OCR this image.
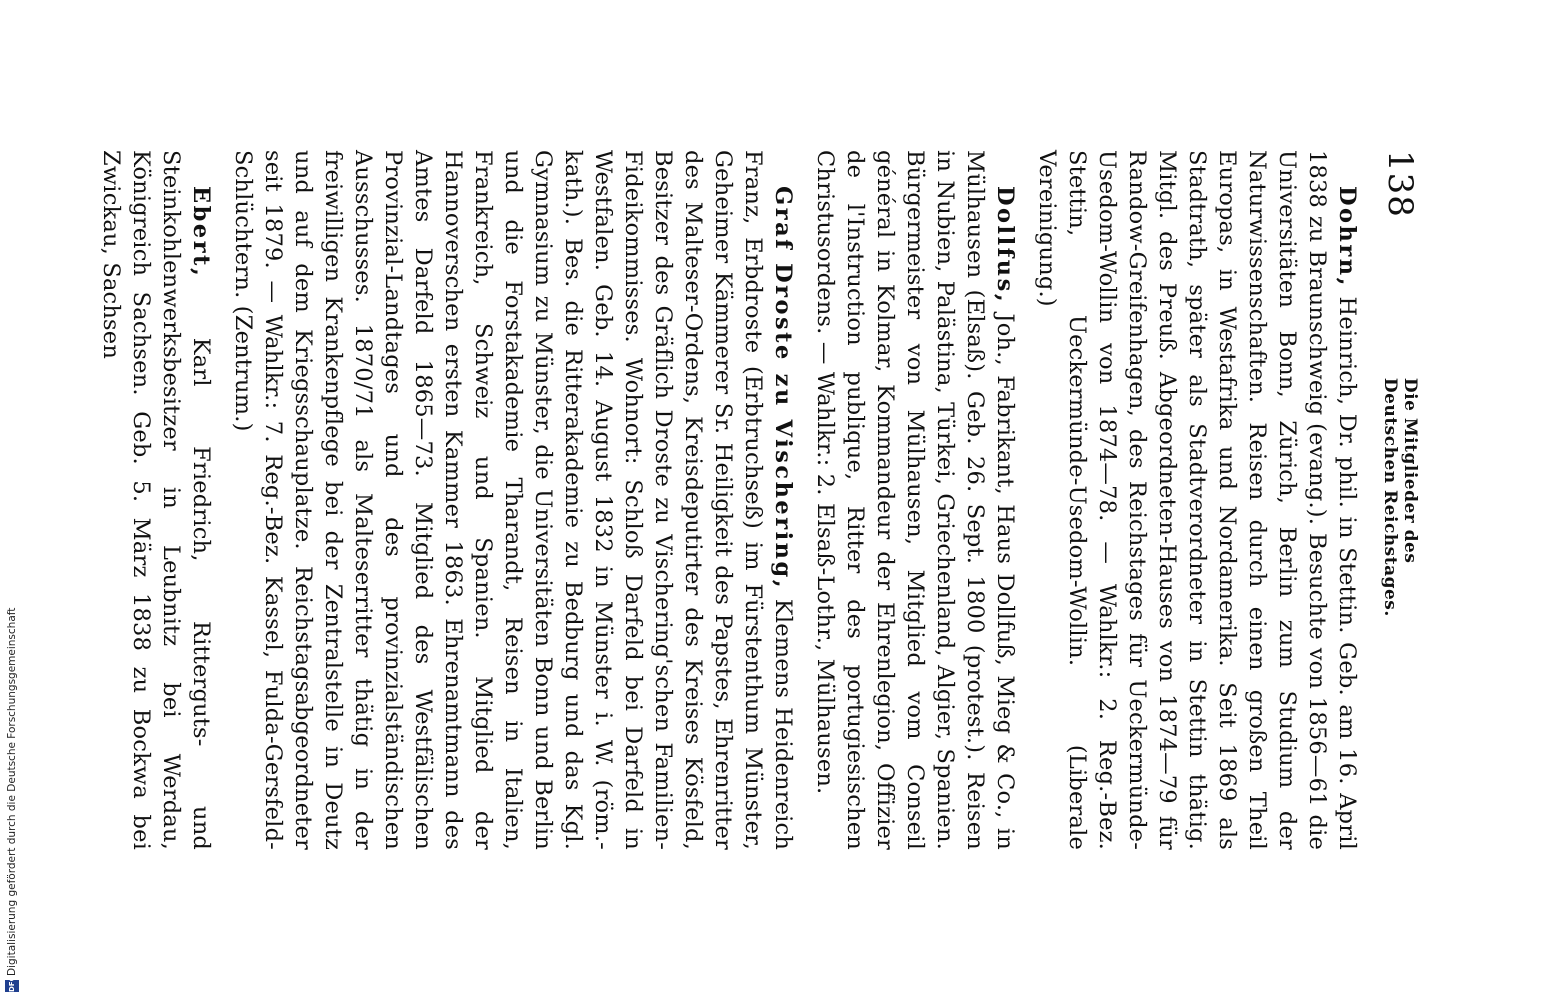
138
Die Mitglieder des Deutschen Reichstages.

Dohrn, Heinrich, Dr. phil. in Stettin. Geb. am 16. April 1838 zu Braunschweig (evang.). Besuchte von 1856—61 die Universitäten Bonn, Zürich, Berlin zum Studium der Naturwissenschaften. Reisen durch einen großen Theil Europas, in Westafrika und Nordamerika. Seit 1869 als Stadtrath, später als Stadtverordneter in Stettin thätig. Mitgl. des Preuß. Abgeordneten-Hauses von 1874—79 für Randow-Greifenhagen, des Reichstages für Ueckermünde-Usedom-Wollin von 1874—78. — Wahlkr.: 2. Reg.-Bez. Stettin, Ueckermünde-Usedom-Wollin. (Liberale Vereinigung.)

Dollfus, Joh., Fabrikant, Haus Dollfuß, Mieg & Co., in Mülhausen (Elsaß). Geb. 26. Sept. 1800 (protest.). Reisen in Nubien, Palästina, Türkei, Griechenland, Algier, Spanien. Bürgermeister von Mülhausen, Mitglied vom Conseil général in Kolmar, Kommandeur der Ehrenlegion, Offizier de l'Instruction publique, Ritter des portugiesischen Christusordens. — Wahlkr.: 2. Elsaß-Lothr., Mülhausen.

Graf Droste zu Vischering, Klemens Heidenreich Franz, Erbdroste (Erbtruchseß) im Fürstenthum Münster, Geheimer Kämmerer Sr. Heiligkeit des Papstes, Ehrenritter des Malteser-Ordens, Kreisdeputirter des Kreises Kösfeld, Besitzer des Gräflich Droste zu Vischering'schen Familien-Fideikommisses. Wohnort: Schloß Darfeld bei Darfeld in Westfalen. Geb. 14. August 1832 in Münster i. W. (röm.-kath.). Bes. die Ritterakademie zu Bedburg und das Kgl. Gymnasium zu Münster, die Universitäten Bonn und Berlin und die Forstakademie Tharandt, Reisen in Italien, Frankreich, Schweiz und Spanien. Mitglied der Hannoverschen ersten Kammer 1863. Ehrenamtmann des Amtes Darfeld 1865—73. Mitglied des Westfälischen Provinzial-Landtages und des provinzialständischen Ausschusses. 1870/71 als Malteserritter thätig in der freiwilligen Krankenpflege bei der Zentralstelle in Deutz und auf dem Kriegsschauplatze. Reichstagsabgeordneter seit 1879. — Wahlkr.: 7. Reg.-Bez. Kassel, Fulda-Gersfeld-Schlüchtern. (Zentrum.)

Ebert, Karl Friedrich, Ritterguts- und Steinkohlenwerksbesitzer in Leubnitz bei Werdau, Königreich Sachsen. Geb. 5. März 1838 zu Bockwa bei Zwickau, Sachsen

DFG
Digitalisierung gefördert durch die Deutsche Forschungsgemeinschaft
